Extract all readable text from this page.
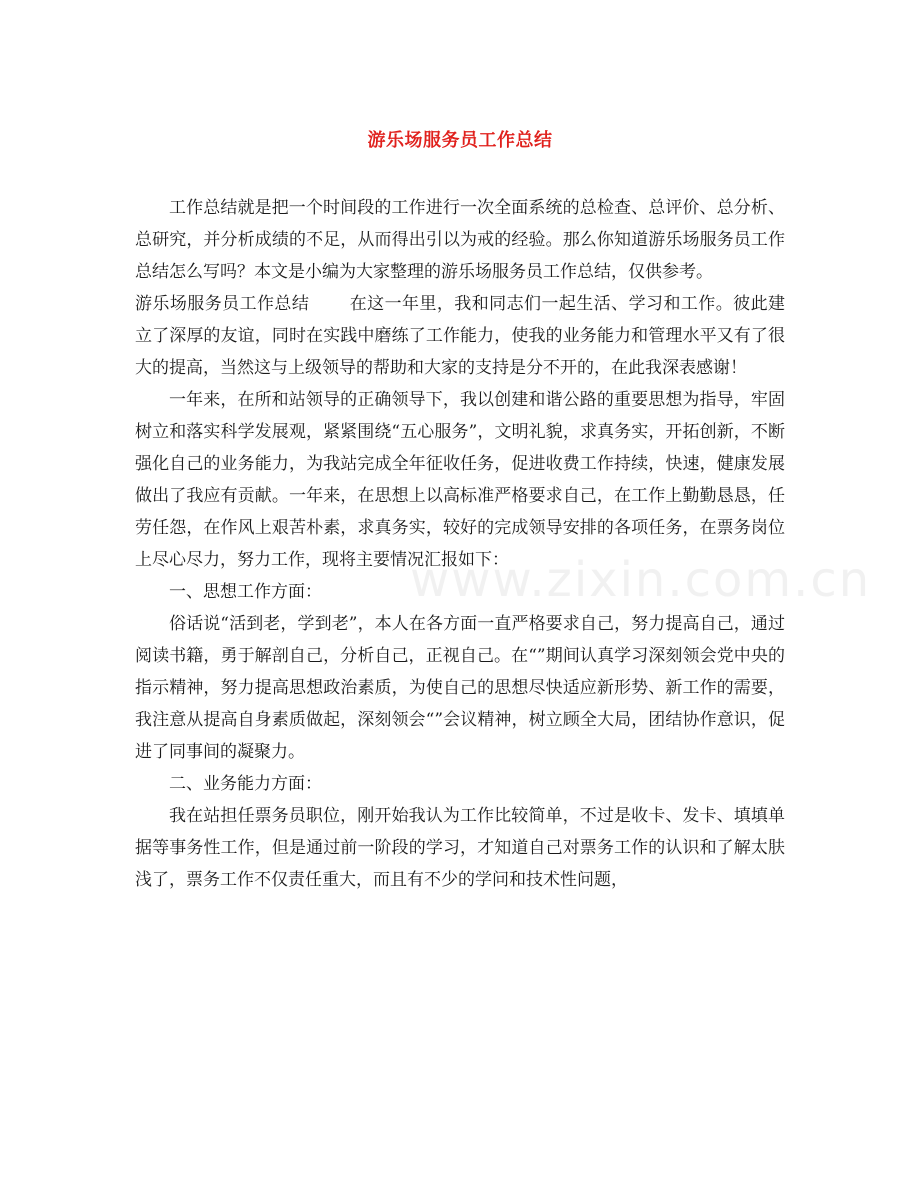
游乐场服务员工作总结

工作总结就是把一个时间段的工作进行一次全面系统的总检查、总评价、总分析、总研究，并分析成绩的不足，从而得出引以为戒的经验。那么你知道游乐场服务员工作总结怎么写吗？本文是小编为大家整理的游乐场服务员工作总结，仅供参考。

游乐场服务员工作总结 在这一年里，我和同志们一起生活、学习和工作。彼此建立了深厚的友谊，同时在实践中磨练了工作能力，使我的业务能力和管理水平又有了很大的提高，当然这与上级领导的帮助和大家的支持是分不开的，在此我深表感谢！

一年来，在所和站领导的正确领导下，我以创建和谐公路的重要思想为指导，牢固树立和落实科学发展观，紧紧围绕“五心服务”，文明礼貌，求真务实，开拓创新，不断强化自己的业务能力，为我站完成全年征收任务，促进收费工作持续，快速，健康发展做出了我应有贡献。一年来，在思想上以高标准严格要求自己，在工作上勤勤恳恳，任劳任怨，在作风上艰苦朴素，求真务实，较好的完成领导安排的各项任务，在票务岗位上尽心尽力，努力工作，现将主要情况汇报如下：

一、思想工作方面：

俗话说“活到老，学到老”，本人在各方面一直严格要求自己，努力提高自己，通过阅读书籍，勇于解剖自己，分析自己，正视自己。在“”期间认真学习深刻领会党中央的指示精神，努力提高思想政治素质，为使自己的思想尽快适应新形势、新工作的需要，我注意从提高自身素质做起，深刻领会“”会议精神，树立顾全大局，团结协作意识，促进了同事间的凝聚力。

二、业务能力方面：

我在站担任票务员职位，刚开始我认为工作比较简单，不过是收卡、发卡、填填单据等事务性工作，但是通过前一阶段的学习，才知道自己对票务工作的认识和了解太肤浅了，票务工作不仅责任重大，而且有不少的学问和技术性问题，

www.zixin.com.cn
